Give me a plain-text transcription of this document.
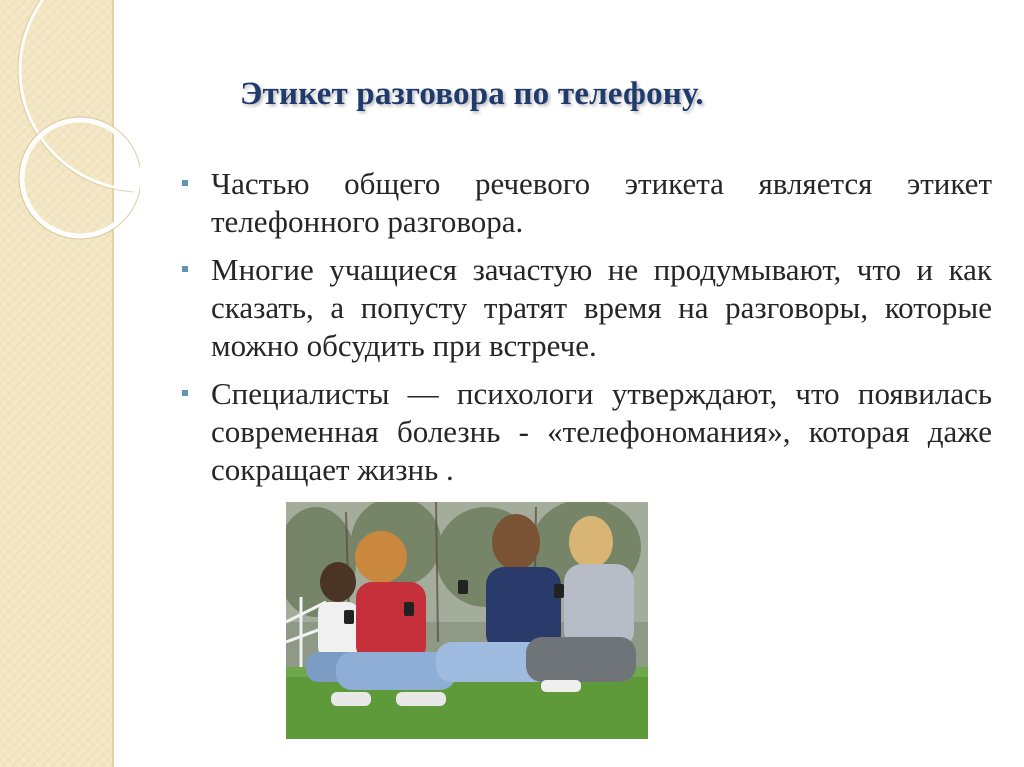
Этикет разговора по телефону.
Частью общего речевого этикета является этикет телефонного разговора.
Многие учащиеся зачастую не продумывают, что и как сказать, а попусту тратят время на разговоры, которые можно обсудить при встрече.
Специалисты — психологи утверждают, что появилась современная болезнь - «телефономания», которая даже сокращает жизнь .
